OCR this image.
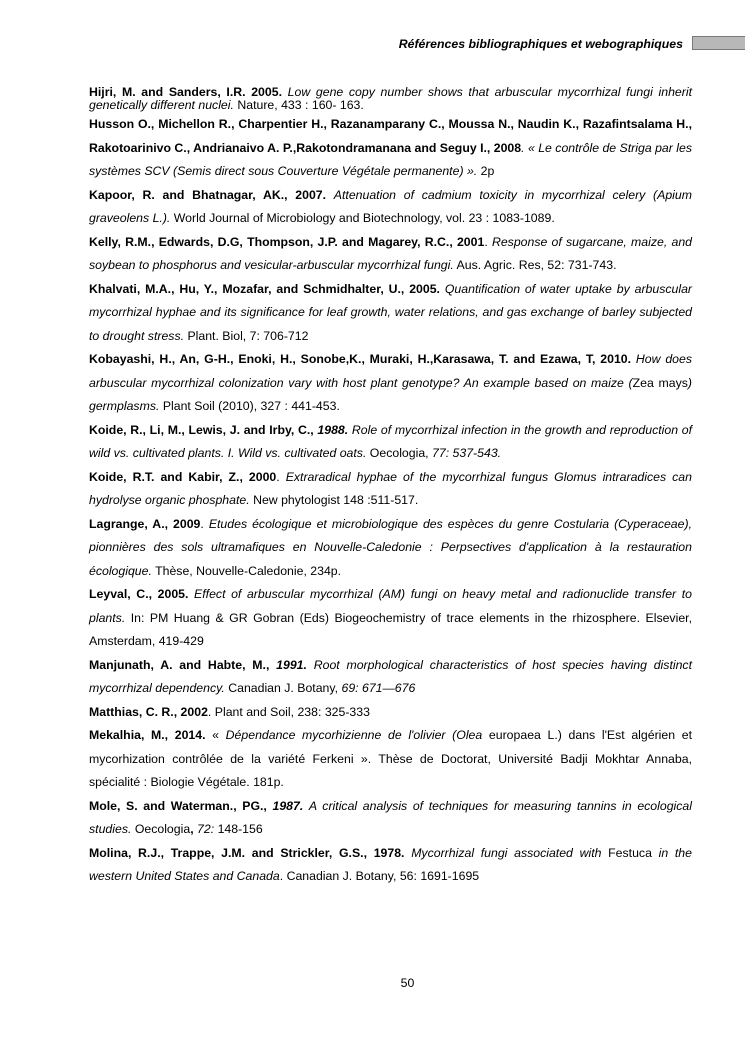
Références bibliographiques et webographiques

Hijri, M. and Sanders, I.R. 2005. Low gene copy number shows that arbuscular mycorrhizal fungi inherit genetically different nuclei. Nature, 433 : 160- 163.

Husson O., Michellon R., Charpentier H., Razanamparany C., Moussa N., Naudin K., Razafintsalama H., Rakotoarinivo C., Andrianaivo A. P.,Rakotondramanana and Seguy I., 2008. « Le contrôle de Striga par les systèmes SCV (Semis direct sous Couverture Végétale permanente) ». 2p

Kapoor, R. and Bhatnagar, AK., 2007. Attenuation of cadmium toxicity in mycorrhizal celery (Apium graveolens L.). World Journal of Microbiology and Biotechnology, vol. 23 : 1083-1089.

Kelly, R.M., Edwards, D.G, Thompson, J.P. and Magarey, R.C., 2001. Response of sugarcane, maize, and soybean to phosphorus and vesicular-arbuscular mycorrhizal fungi. Aus. Agric. Res, 52: 731-743.

Khalvati, M.A., Hu, Y., Mozafar, and Schmidhalter, U., 2005. Quantification of water uptake by arbuscular mycorrhizal hyphae and its significance for leaf growth, water relations, and gas exchange of barley subjected to drought stress. Plant. Biol, 7: 706-712

Kobayashi, H., An, G-H., Enoki, H., Sonobe,K., Muraki, H.,Karasawa, T. and Ezawa, T, 2010. How does arbuscular mycorrhizal colonization vary with host plant genotype? An example based on maize (Zea mays) germplasms. Plant Soil (2010), 327 : 441-453.

Koide, R., Li, M., Lewis, J. and Irby, C., 1988. Role of mycorrhizal infection in the growth and reproduction of wild vs. cultivated plants. I. Wild vs. cultivated oats. Oecologia, 77: 537-543.

Koide, R.T. and Kabir, Z., 2000. Extraradical hyphae of the mycorrhizal fungus Glomus intraradices can hydrolyse organic phosphate. New phytologist 148 :511-517.

Lagrange, A., 2009. Etudes écologique et microbiologique des espèces du genre Costularia (Cyperaceae), pionnières des sols ultramafiques en Nouvelle-Caledonie : Perpsectives d'application à la restauration écologique. Thèse, Nouvelle-Caledonie, 234p.

Leyval, C., 2005. Effect of arbuscular mycorrhizal (AM) fungi on heavy metal and radionuclide transfer to plants. In: PM Huang & GR Gobran (Eds) Biogeochemistry of trace elements in the rhizosphere. Elsevier, Amsterdam, 419-429

Manjunath, A. and Habte, M., 1991. Root morphological characteristics of host species having distinct mycorrhizal dependency. Canadian J. Botany, 69: 671—676

Matthias, C. R., 2002. Plant and Soil, 238: 325-333

Mekalhia, M., 2014. « Dépendance mycorhizienne de l'olivier (Olea europaea L.) dans l'Est algérien et mycorhization contrôlée de la variété Ferkeni ». Thèse de Doctorat, Université Badji Mokhtar Annaba, spécialité : Biologie Végétale. 181p.

Mole, S. and Waterman., PG., 1987. A critical analysis of techniques for measuring tannins in ecological studies. Oecologia, 72: 148-156

Molina, R.J., Trappe, J.M. and Strickler, G.S., 1978. Mycorrhizal fungi associated with Festuca in the western United States and Canada. Canadian J. Botany, 56: 1691-1695

50
